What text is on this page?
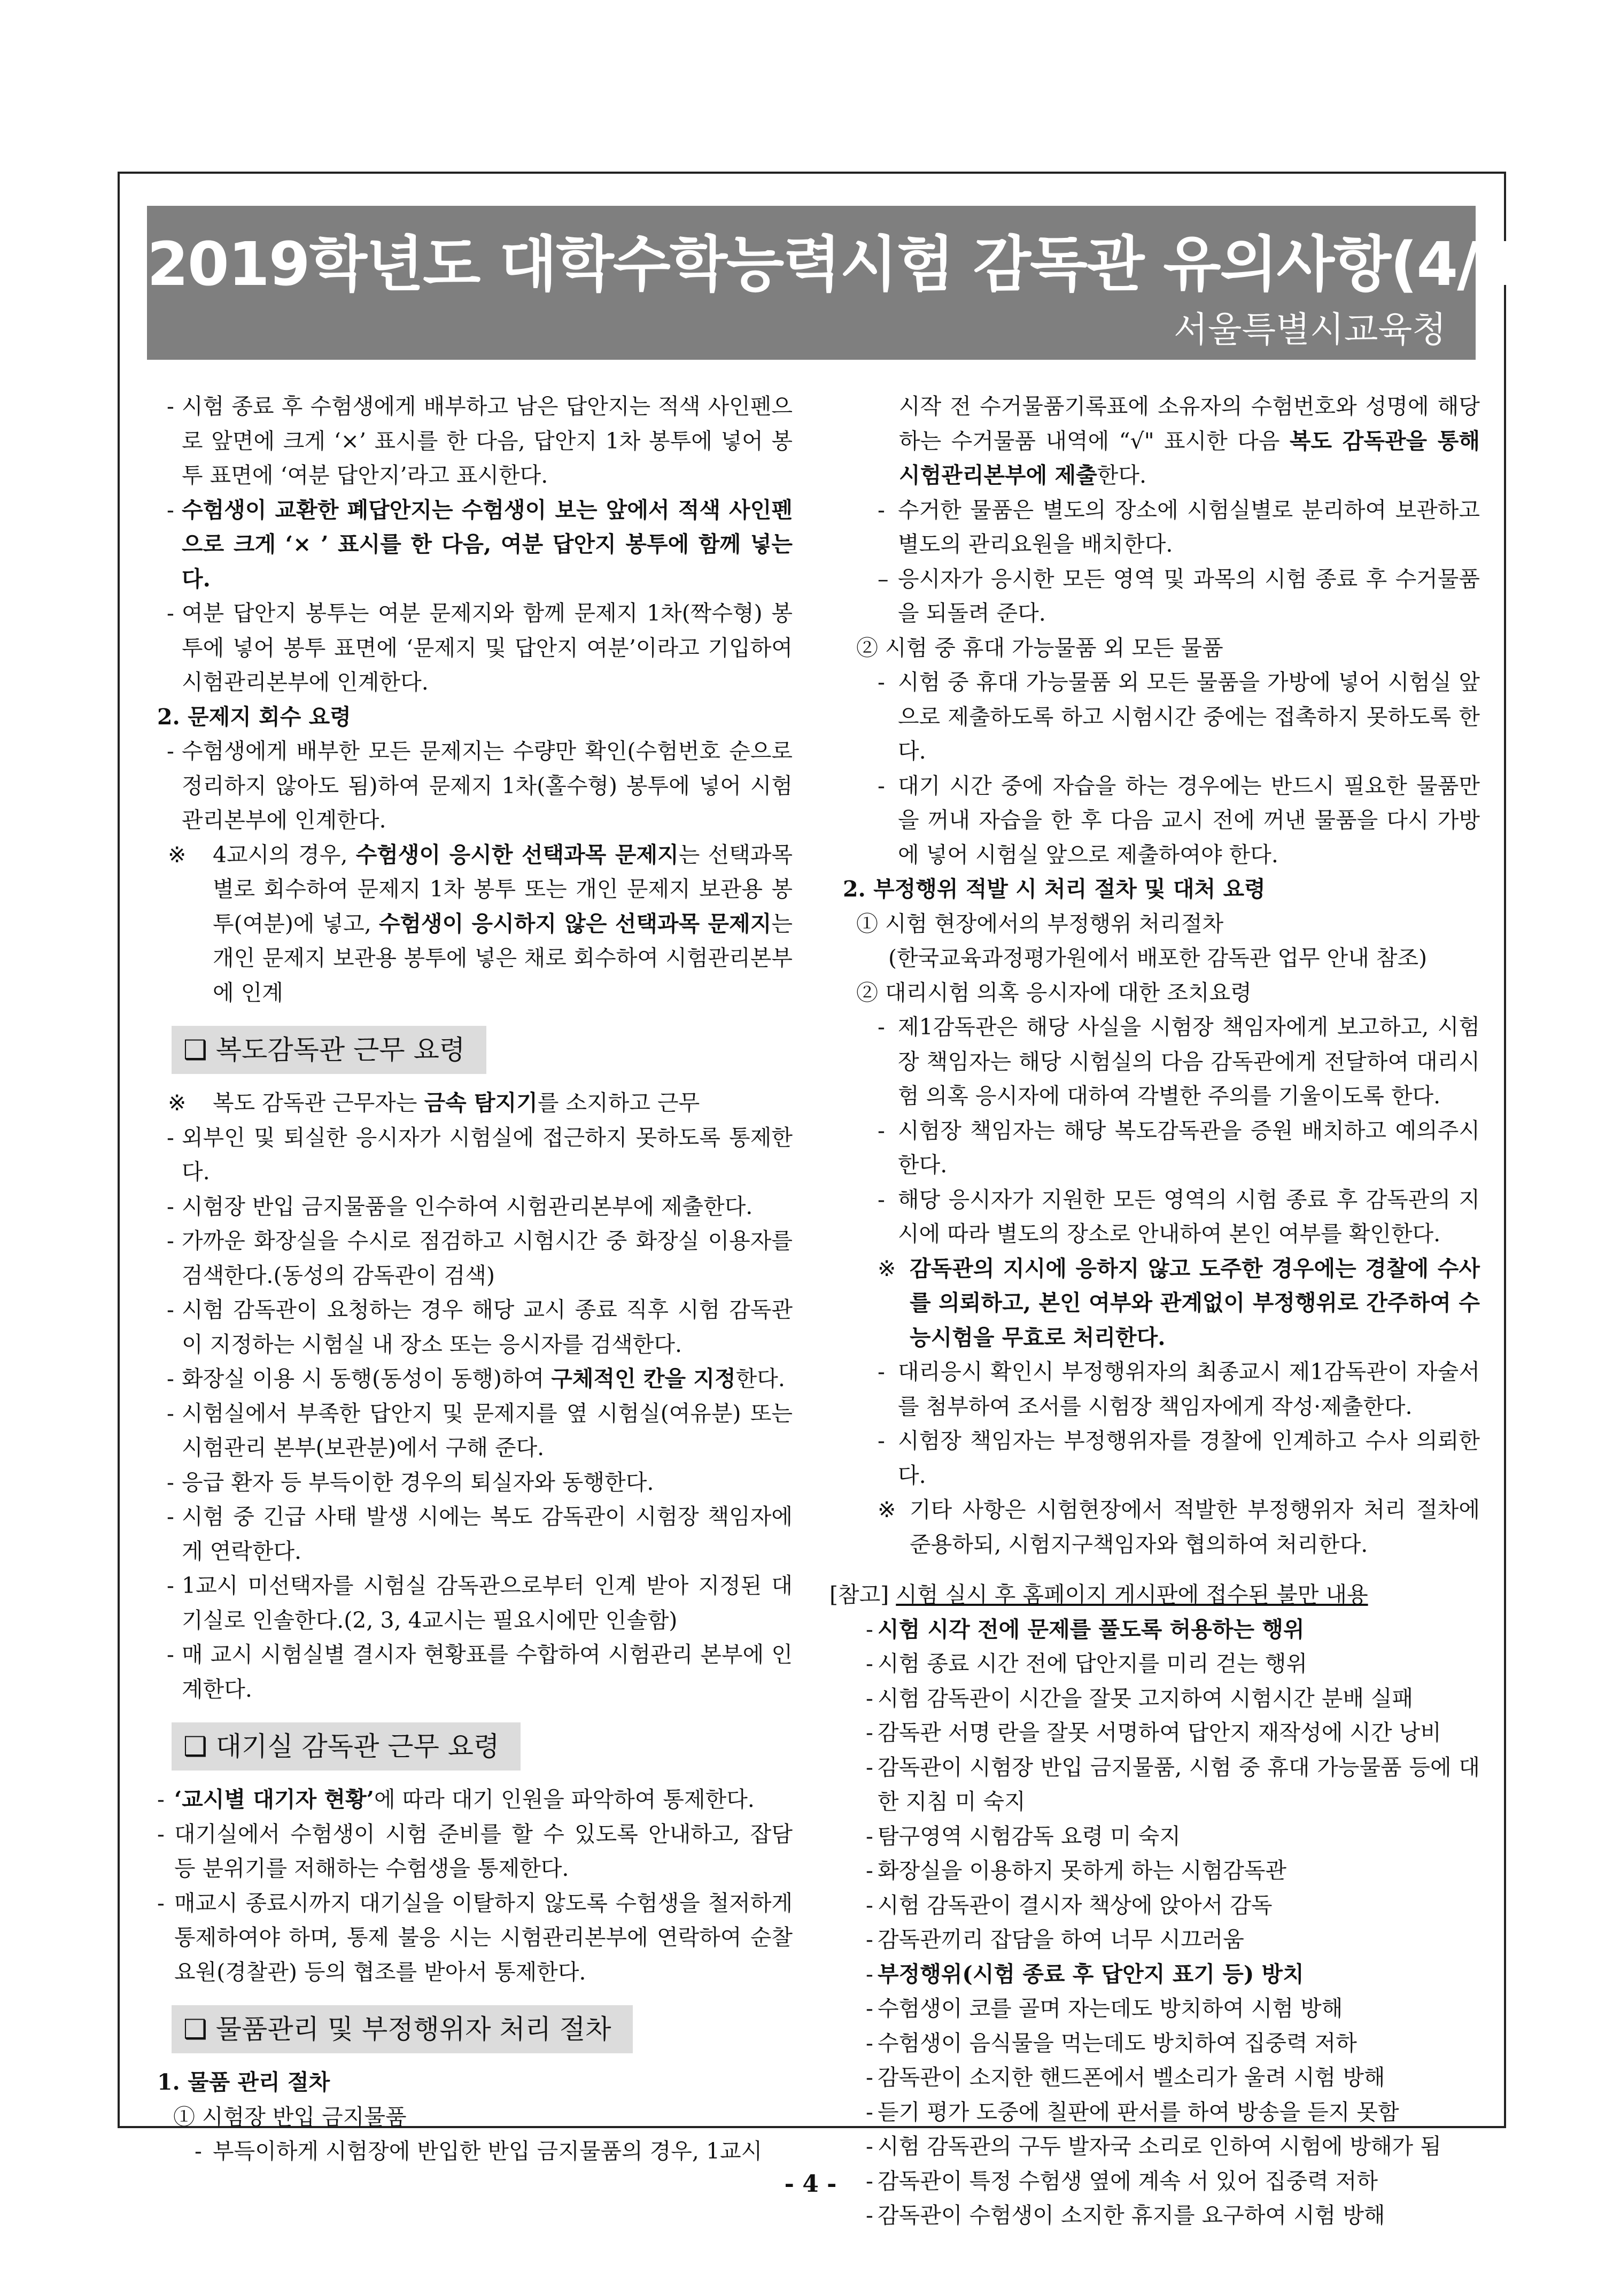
2019학년도 대학수학능력시험 감독관 유의사항(4/4)
서울특별시교육청
- 시험 종료 후 수험생에게 배부하고 남은 답안지는 적색 사인펜으로 앞면에 크게 ‘×’ 표시를 한 다음, 답안지 1차 봉투에 넣어 봉투 표면에 ‘여분 답안지’라고 표시한다.
- 수험생이 교환한 폐답안지는 수험생이 보는 앞에서 적색 사인펜으로 크게 ‘× ’ 표시를 한 다음, 여분 답안지 봉투에 함께 넣는다.
- 여분 답안지 봉투는 여분 문제지와 함께 문제지 1차(짝수형) 봉투에 넣어 봉투 표면에 ‘문제지 및 답안지 여분’이라고 기입하여 시험관리본부에 인계한다.
2. 문제지 회수 요령
- 수험생에게 배부한 모든 문제지는 수량만 확인(수험번호 순으로 정리하지 않아도 됨)하여 문제지 1차(홀수형) 봉투에 넣어 시험관리본부에 인계한다.
※ 4교시의 경우, 수험생이 응시한 선택과목 문제지는 선택과목별로 회수하여 문제지 1차 봉투 또는 개인 문제지 보관용 봉투(여분)에 넣고, 수험생이 응시하지 않은 선택과목 문제지는 개인 문제지 보관용 봉투에 넣은 채로 회수하여 시험관리본부에 인계
❑ 복도감독관 근무 요령
※ 복도 감독관 근무자는 금속 탐지기를 소지하고 근무
- 외부인 및 퇴실한 응시자가 시험실에 접근하지 못하도록 통제한다.
- 시험장 반입 금지물품을 인수하여 시험관리본부에 제출한다.
- 가까운 화장실을 수시로 점검하고 시험시간 중 화장실 이용자를 검색한다.(동성의 감독관이 검색)
- 시험 감독관이 요청하는 경우 해당 교시 종료 직후 시험 감독관이 지정하는 시험실 내 장소 또는 응시자를 검색한다.
- 화장실 이용 시 동행(동성이 동행)하여 구체적인 칸을 지정한다.
- 시험실에서 부족한 답안지 및 문제지를 옆 시험실(여유분) 또는 시험관리 본부(보관분)에서 구해 준다.
- 응급 환자 등 부득이한 경우의 퇴실자와 동행한다.
- 시험 중 긴급 사태 발생 시에는 복도 감독관이 시험장 책임자에게 연락한다.
- 1교시 미선택자를 시험실 감독관으로부터 인계 받아 지정된 대기실로 인솔한다.(2, 3, 4교시는 필요시에만 인솔함)
- 매 교시 시험실별 결시자 현황표를 수합하여 시험관리 본부에 인계한다.
❑ 대기실 감독관 근무 요령
- ‘교시별 대기자 현황’에 따라 대기 인원을 파악하여 통제한다.
- 대기실에서 수험생이 시험 준비를 할 수 있도록 안내하고, 잡담 등 분위기를 저해하는 수험생을 통제한다.
- 매교시 종료시까지 대기실을 이탈하지 않도록 수험생을 철저하게 통제하여야 하며, 통제 불응 시는 시험관리본부에 연락하여 순찰 요원(경찰관) 등의 협조를 받아서 통제한다.
❑ 물품관리 및 부정행위자 처리 절차
1. 물품 관리 절차
① 시험장 반입 금지물품
- 부득이하게 시험장에 반입한 반입 금지물품의 경우, 1교시
시작 전 수거물품기록표에 소유자의 수험번호와 성명에 해당하는 수거물품 내역에 “√" 표시한 다음 복도 감독관을 통해 시험관리본부에 제출한다.
- 수거한 물품은 별도의 장소에 시험실별로 분리하여 보관하고 별도의 관리요원을 배치한다.
– 응시자가 응시한 모든 영역 및 과목의 시험 종료 후 수거물품을 되돌려 준다.
② 시험 중 휴대 가능물품 외 모든 물품
- 시험 중 휴대 가능물품 외 모든 물품을 가방에 넣어 시험실 앞으로 제출하도록 하고 시험시간 중에는 접촉하지 못하도록 한다.
- 대기 시간 중에 자습을 하는 경우에는 반드시 필요한 물품만을 꺼내 자습을 한 후 다음 교시 전에 꺼낸 물품을 다시 가방에 넣어 시험실 앞으로 제출하여야 한다.
2. 부정행위 적발 시 처리 절차 및 대처 요령
① 시험 현장에서의 부정행위 처리절차
(한국교육과정평가원에서 배포한 감독관 업무 안내 참조)
② 대리시험 의혹 응시자에 대한 조치요령
- 제1감독관은 해당 사실을 시험장 책임자에게 보고하고, 시험장 책임자는 해당 시험실의 다음 감독관에게 전달하여 대리시험 의혹 응시자에 대하여 각별한 주의를 기울이도록 한다.
- 시험장 책임자는 해당 복도감독관을 증원 배치하고 예의주시한다.
- 해당 응시자가 지원한 모든 영역의 시험 종료 후 감독관의 지시에 따라 별도의 장소로 안내하여 본인 여부를 확인한다.
※ 감독관의 지시에 응하지 않고 도주한 경우에는 경찰에 수사를 의뢰하고, 본인 여부와 관계없이 부정행위로 간주하여 수능시험을 무효로 처리한다.
- 대리응시 확인시 부정행위자의 최종교시 제1감독관이 자술서를 첨부하여 조서를 시험장 책임자에게 작성·제출한다.
- 시험장 책임자는 부정행위자를 경찰에 인계하고 수사 의뢰한다.
※ 기타 사항은 시험현장에서 적발한 부정행위자 처리 절차에 준용하되, 시험지구책임자와 협의하여 처리한다.
[참고] 시험 실시 후 홈페이지 게시판에 접수된 불만 내용
- 시험 시각 전에 문제를 풀도록 허용하는 행위
- 시험 종료 시간 전에 답안지를 미리 걷는 행위
- 시험 감독관이 시간을 잘못 고지하여 시험시간 분배 실패
- 감독관 서명 란을 잘못 서명하여 답안지 재작성에 시간 낭비
- 감독관이 시험장 반입 금지물품, 시험 중 휴대 가능물품 등에 대한 지침 미 숙지
- 탐구영역 시험감독 요령 미 숙지
- 화장실을 이용하지 못하게 하는 시험감독관
- 시험 감독관이 결시자 책상에 앉아서 감독
- 감독관끼리 잡담을 하여 너무 시끄러움
- 부정행위(시험 종료 후 답안지 표기 등) 방치
- 수험생이 코를 골며 자는데도 방치하여 시험 방해
- 수험생이 음식물을 먹는데도 방치하여 집중력 저하
- 감독관이 소지한 핸드폰에서 벨소리가 울려 시험 방해
- 듣기 평가 도중에 칠판에 판서를 하여 방송을 듣지 못함
- 시험 감독관의 구두 발자국 소리로 인하여 시험에 방해가 됨
- 감독관이 특정 수험생 옆에 계속 서 있어 집중력 저하
- 감독관이 수험생이 소지한 휴지를 요구하여 시험 방해
- 4 -
